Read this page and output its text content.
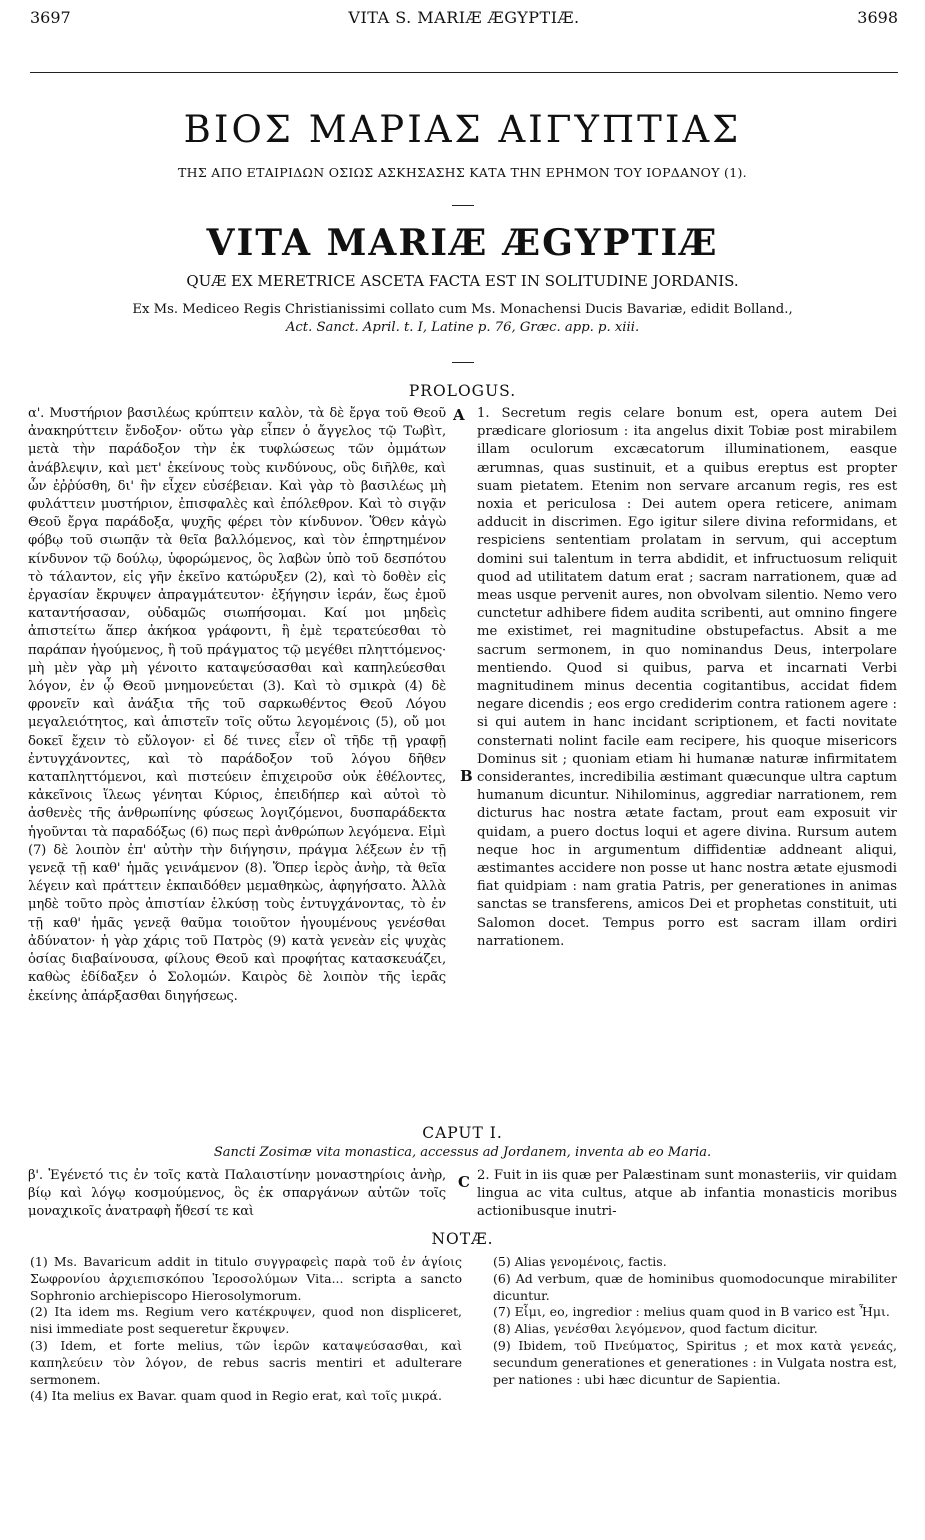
3697	VITA S. MARIÆ ÆGYPTIÆ.	3698
ΒΙΟΣ ΜΑΡΙΑΣ ΑΙΓΥΠΤΙΑΣ
ΤΗΣ ΑΠΟ ΕΤΑΙΡΙΔΩΝ ΟΣΙΩΣ ΑΣΚΗΣΑΣΗΣ ΚΑΤΑ ΤΗΝ ΕΡΗΜΟΝ ΤΟΥ ΙΟΡΔΑΝΟΥ (1).
VITA MARIÆ ÆGYPTIÆ
QUÆ EX MERETRICE ASCETA FACTA EST IN SOLITUDINE JORDANIS.
Ex Ms. Mediceo Regis Christianissimi collato cum Ms. Monachensi Ducis Bavariæ, edidit Bolland.,
Act. Sanct. April. t. I, Latine p. 76, Græc. app. p. xiii.
PROLOGUS.

α'. Μυστήριον βασιλέως κρύπτειν καλὸν, τὰ δὲ ἔργα τοῦ Θεοῦ ἀνακηρύττειν ἔνδοξον· οὕτω γὰρ εἶπεν ὁ ἄγγελος τῷ Τωβὶτ, μετὰ τὴν παράδοξον τὴν ἐκ τυφλώσεως τῶν ὀμμάτων ἀνάβλεψιν, καὶ μετ' ἐκείνους τοὺς κινδύνους, οὓς διῆλθε, καὶ ὧν ἐῤῥύσθη, δι' ἣν εἶχεν εὐσέβειαν. Καὶ γὰρ τὸ βασιλέως μὴ φυλάττειν μυστήριον, ἐπισφαλὲς καὶ ἐπόλεθρον. Καὶ τὸ σιγᾷν Θεοῦ ἔργα παράδοξα, ψυχῆς φέρει τὸν κίνδυνον. Ὅθεν κἀγὼ φόβῳ τοῦ σιωπᾷν τὰ θεῖα βαλλόμενος, καὶ τὸν ἐπηρτημένον κίνδυνον τῷ δούλῳ, ὑφορώμενος, ὃς λαβὼν ὑπὸ τοῦ δεσπότου τὸ τάλαντον, εἰς γῆν ἐκεῖνο κατώρυξεν (2), καὶ τὸ δοθὲν εἰς ἐργασίαν ἔκρυψεν ἀπραγμάτευτον· ἐξήγησιν ἱεράν, ἕως ἐμοῦ καταντήσασαν, οὐδαμῶς σιωπήσομαι. Καί μοι μηδεὶς ἀπιστείτω ἅπερ ἀκήκοα γράφοντι, ἢ ἐμὲ τερατεύεσθαι τὸ παράπαν ἡγούμενος, ἢ τοῦ πράγματος τῷ μεγέθει πληττόμενος· μὴ μὲν γὰρ μὴ γένοιτο καταψεύσασθαι καὶ καπηλεύεσθαι λόγον, ἐν ᾧ Θεοῦ μνημονεύεται (3). Καὶ τὸ σμικρὰ (4) δὲ φρονεῖν καὶ ἀνάξια τῆς τοῦ σαρκωθέντος Θεοῦ Λόγου μεγαλειότητος, καὶ ἀπιστεῖν τοῖς οὕτω λεγομένοις (5), οὔ μοι δοκεῖ ἔχειν τὸ εὔλογον· εἰ δέ τινες εἶεν οἳ τῆδε τῇ γραφῇ ἐντυγχάνοντες, καὶ τὸ παράδοξον τοῦ λόγου δῆθεν καταπληττόμενοι, καὶ πιστεύειν ἐπιχειροῦσ οὐκ ἐθέλοντες, κἀκεῖνοις ἵλεως γένηται Κύριος, ἐπειδήπερ καὶ αὐτοὶ τὸ ἀσθενὲς τῆς ἀνθρωπίνης φύσεως λογιζόμενοι, δυσπαράδεκτα ἡγοῦνται τὰ παραδόξως (6) πως περὶ ἀνθρώπων λεγόμενα. Εἰμὶ (7) δὲ λοιπὸν ἐπ' αὐτὴν τὴν διήγησιν, πράγμα λέξεων ἐν τῇ γενεᾷ τῇ καθ' ἡμᾶς γεινάμενον (8). Ὅπερ ἱερὸς ἀνὴρ, τὰ θεῖα λέγειν καὶ πράττειν ἐκπαιδόθεν μεμαθηκὼς, ἀφηγήσατο. Ἀλλὰ μηδὲ τοῦτο πρὸς ἀπιστίαν ἑλκύσῃ τοὺς ἐντυγχάνοντας, τὸ ἐν τῇ καθ' ἡμᾶς γενεᾷ θαῦμα τοιοῦτον ἡγουμένους γενέσθαι ἀδύνατον· ἡ γὰρ χάρις τοῦ Πατρὸς (9) κατὰ γενεὰν εἰς ψυχὰς ὁσίας διαβαίνουσα, φίλους Θεοῦ καὶ προφήτας κατασκευάζει, καθὼς ἐδίδαξεν ὁ Σολομών. Καιρὸς δὲ λοιπὸν τῆς ἱερᾶς ἐκείνης ἀπάρξασθαι διηγήσεως.

A
B

1. Secretum regis celare bonum est, opera autem Dei prædicare gloriosum : ita angelus dixit Tobiæ post mirabilem illam oculorum excæcatorum illuminationem, easque ærumnas, quas sustinuit, et a quibus ereptus est propter suam pietatem. Etenim non servare arcanum regis, res est noxia et periculosa : Dei autem opera reticere, animam adducit in discrimen. Ego igitur silere divina reformidans, et respiciens sententiam prolatam in servum, qui acceptum domini sui talentum in terra abdidit, et infructuosum reliquit quod ad utilitatem datum erat ; sacram narrationem, quæ ad meas usque pervenit aures, non obvolvam silentio. Nemo vero cunctetur adhibere fidem audita scribenti, aut omnino fingere me existimet, rei magnitudine obstupefactus. Absit a me sacrum sermonem, in quo nominandus Deus, interpolare mentiendo. Quod si quibus, parva et incarnati Verbi magnitudinem minus decentia cogitantibus, accidat fidem negare dicendis ; eos ergo crediderim contra rationem agere : si qui autem in hanc incidant scriptionem, et facti novitate consternati nolint facile eam recipere, his quoque misericors Dominus sit ; quoniam etiam hi humanæ naturæ infirmitatem considerantes, incredibilia æstimant quæcunque ultra captum humanum dicuntur. Nihilominus, aggrediar narrationem, rem dicturus hac nostra ætate factam, prout eam exposuit vir quidam, a puero doctus loqui et agere divina. Rursum autem neque hoc in argumentum diffidentiæ addneant aliqui, æstimantes accidere non posse ut hanc nostra ætate ejusmodi fiat quidpiam : nam gratia Patris, per generationes in animas sanctas se transferens, amicos Dei et prophetas constituit, uti Salomon docet. Tempus porro est sacram illam ordiri narrationem.

CAPUT I.
Sancti Zosimæ vita monastica, accessus ad Jordanem, inventa ab eo Maria.

β'. Ἐγένετό τις ἐν τοῖς κατὰ Παλαιστίνην μοναστηρίοις ἀνὴρ, βίῳ καὶ λόγῳ κοσμούμενος, ὃς ἐκ σπαργάνων αὐτῶν τοῖς μοναχικοῖς ἀνατραφὴ ἤθεσί τε καὶ

C 2. Fuit in iis quæ per Palæstinam sunt monasteriis, vir quidam lingua ac vita cultus, atque ab infantia monasticis moribus actionibusque inutri-

NOTÆ.

(1) Ms. Bavaricum addit in titulo συγγραφεὶς παρὰ τοῦ ἐν ἁγίοις Σωφρονίου ἀρχιεπισκόπου Ἱεροσολύμων Vita... scripta a sancto Sophronio archiepiscopo Hierosolymorum.

(2) Ita idem ms. Regium vero κατέκρυψεν, quod non displiceret, nisi immediate post sequeretur ἔκρυψεν.

(3) Idem, et forte melius, τῶν ἱερῶν καταψεύσασθαι, καὶ καπηλεύειν τὸν λόγον, de rebus sacris mentiri et adulterare sermonem.

(4) Ita melius ex Bavar. quam quod in Regio erat, καὶ τοῖς μικρά.

(5) Alias γενομένοις, factis.

(6) Ad verbum, quæ de hominibus quomodocunque mirabiliter dicuntur.

(7) Εἶμι, eo, ingredior : melius quam quod in B varico est Ἦμι.

(8) Alias, γενέσθαι λεγόμενον, quod factum dicitur.

(9) Ibidem, τοῦ Πνεύματος, Spiritus ; et mox κατὰ γενεάς, secundum generationes et generationes : in Vulgata nostra est, per nationes : ubi hæc dicuntur de Sapientia.
